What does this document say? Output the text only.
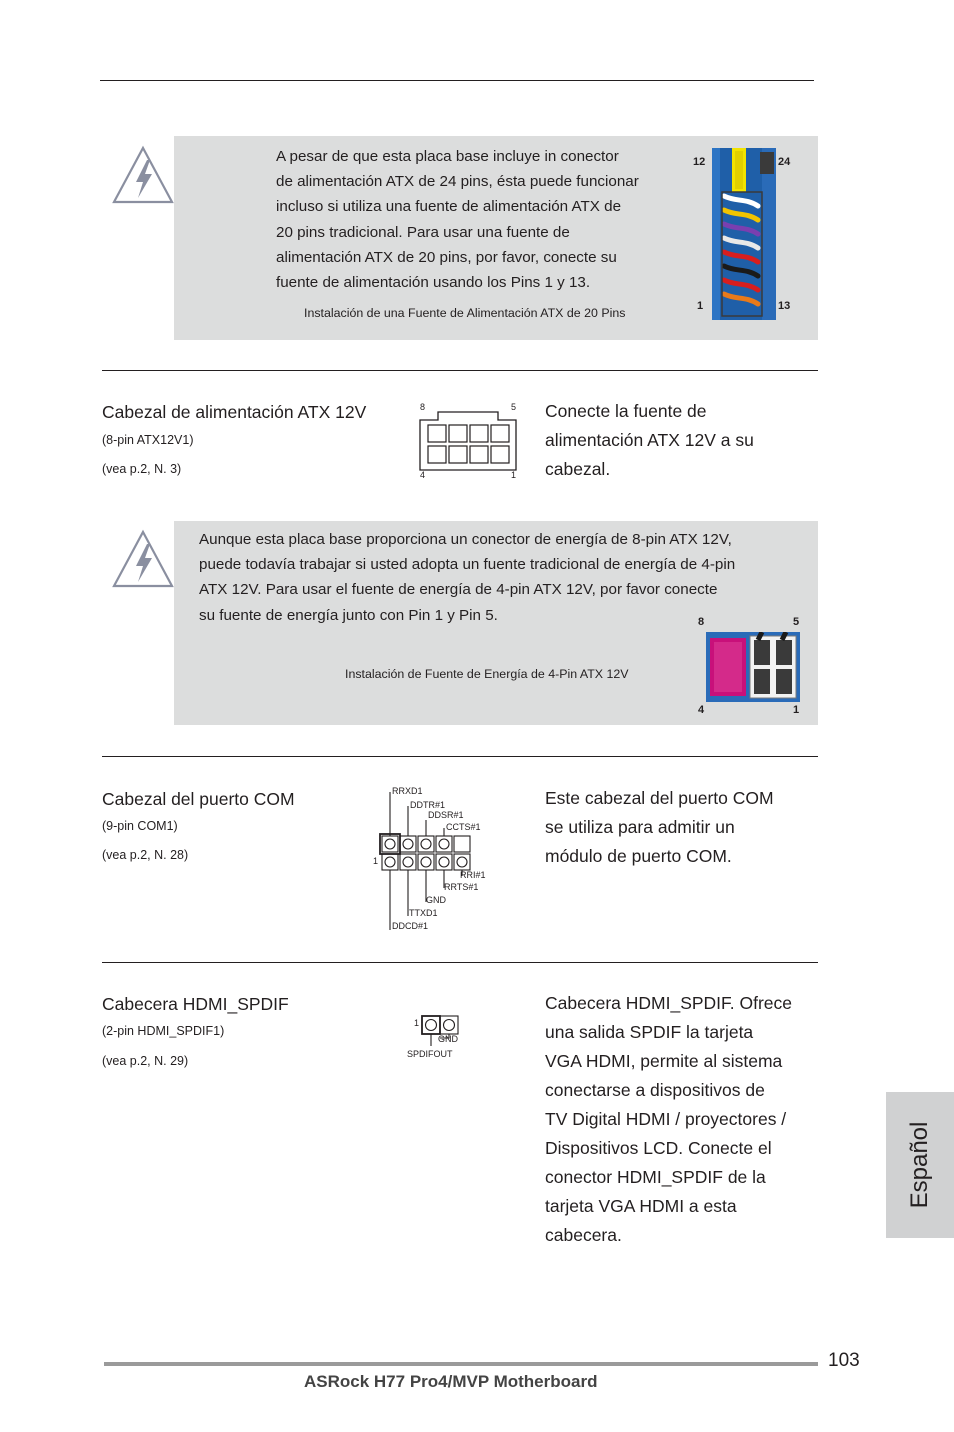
A pesar de que esta placa base incluye in conector
de alimentación ATX de 24 pins, ésta puede funcionar
incluso si utiliza una fuente de alimentación ATX de
20 pins tradicional. Para usar una fuente de
alimentación ATX de 20 pins, por favor, conecte su
fuente de alimentación usando los Pins 1 y 13.
Instalación de una Fuente de Alimentación ATX de 20 Pins
12	24
1	13
Cabezal de alimentación ATX 12V
(8-pin ATX12V1)
(vea p.2, N. 3)
8	5
4	1
Conecte la fuente de
alimentación ATX 12V a su
cabezal.
Aunque esta placa base proporciona un conector de energía de 8-pin ATX 12V,
puede todavía trabajar si usted adopta un fuente tradicional de energía de 4-pin
ATX 12V. Para usar el fuente de energía de 4-pin ATX 12V, por favor conecte
su fuente de energía junto con Pin 1 y Pin 5.
Instalación de Fuente de Energía de 4-Pin ATX 12V
8	5
4	1
Cabezal del puerto COM
(9-pin COM1)
(vea p.2, N. 28)
RRXD1
DDTR#1
DDSR#1
CCTS#1
1
RRI#1
RRTS#1
GND
TTXD1
DDCD#1
Este cabezal del puerto COM
se utiliza para admitir un
módulo de puerto COM.
Cabecera HDMI_SPDIF
(2-pin HDMI_SPDIF1)
(vea p.2, N. 29)
1
GND
SPDIFOUT
Cabecera HDMI_SPDIF. Ofrece
una salida SPDIF la tarjeta
VGA HDMI, permite al sistema
conectarse a dispositivos de
TV Digital HDMI / proyectores /
Dispositivos LCD. Conecte el
conector HDMI_SPDIF de la
tarjeta VGA HDMI a esta
cabecera.
Español
103
ASRock H77 Pro4/MVP Motherboard
